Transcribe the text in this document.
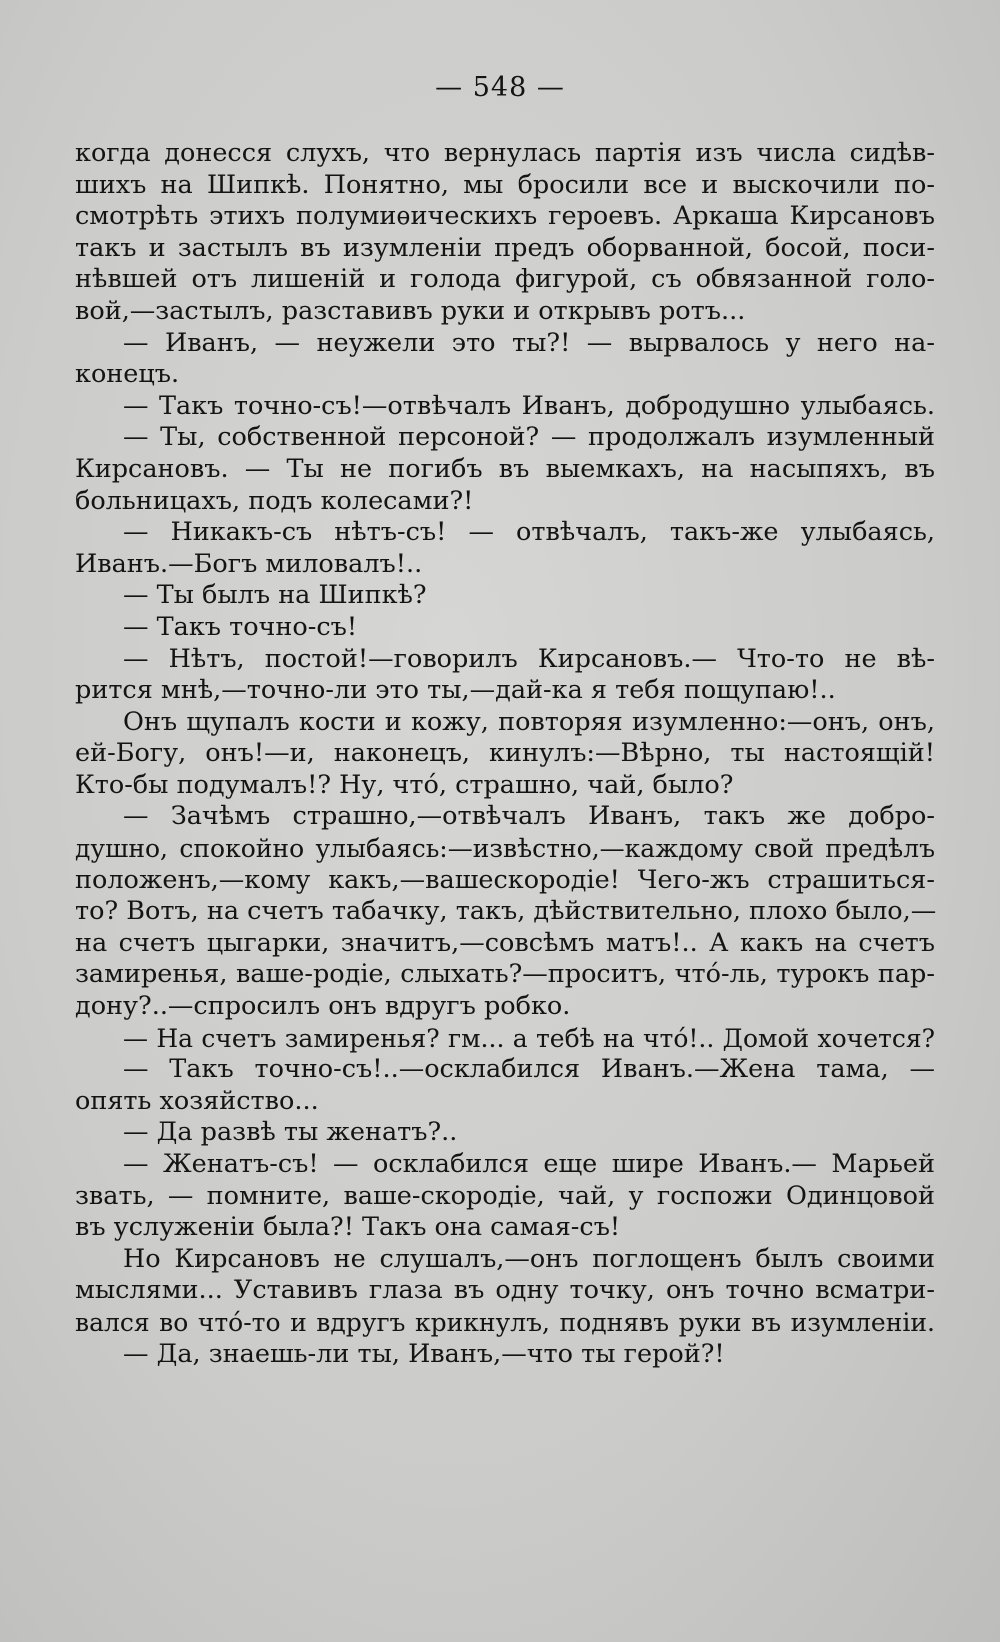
— 548 —
когда донесся слухъ, что вернулась партія изъ числа сидѣв-
шихъ на Шипкѣ. Понятно, мы бросили все и выскочили по-
смотрѣть этихъ полумиѳическихъ героевъ. Аркаша Кирсановъ
такъ и застылъ въ изумленіи предъ оборванной, босой, поси-
нѣвшей отъ лишеній и голода фигурой, съ обвязанной голо-
вой,—застылъ, разставивъ руки и открывъ ротъ...
— Иванъ, — неужели это ты?! — вырвалось у него на-
конецъ.
— Такъ точно-съ!—отвѣчалъ Иванъ, добродушно улыбаясь.
— Ты, собственной персоной? — продолжалъ изумленный
Кирсановъ. — Ты не погибъ въ выемкахъ, на насыпяхъ, въ
больницахъ, подъ колесами?!
— Никакъ-съ нѣтъ-съ! — отвѣчалъ, такъ-же улыбаясь,
Иванъ.—Богъ миловалъ!..
— Ты былъ на Шипкѣ?
— Такъ точно-съ!
— Нѣтъ, постой!—говорилъ Кирсановъ.— Что-то не вѣ-
рится мнѣ,—точно-ли это ты,—дай-ка я тебя пощупаю!..
Онъ щупалъ кости и кожу, повторяя изумленно:—онъ, онъ,
ей-Богу, онъ!—и, наконецъ, кинулъ:—Вѣрно, ты настоящій!
Кто-бы подумалъ!? Ну, что́, страшно, чай, было?
— Зачѣмъ страшно,—отвѣчалъ Иванъ, такъ же добро-
душно, спокойно улыбаясь:—извѣстно,—каждому свой предѣлъ
положенъ,—кому какъ,—вашескородіе! Чего-жъ страшиться-
то? Вотъ, на счетъ табачку, такъ, дѣйствительно, плохо было,—
на счетъ цыгарки, значитъ,—совсѣмъ матъ!.. А какъ на счетъ
замиренья, ваше-родіе, слыхать?—проситъ, что́-ль, турокъ пар-
дону?..—спросилъ онъ вдругъ робко.
— На счетъ замиренья? гм... а тебѣ на что́!.. Домой хочется?
— Такъ точно-съ!..—осклабился Иванъ.—Жена тама, —
опять хозяйство...
— Да развѣ ты женатъ?..
— Женатъ-съ! — осклабился еще шире Иванъ.— Марьей
звать, — помните, ваше-скородіе, чай, у госпожи Одинцовой
въ услуженіи была?! Такъ она самая-съ!
Но Кирсановъ не слушалъ,—онъ поглощенъ былъ своими
мыслями... Уставивъ глаза въ одну точку, онъ точно всматри-
вался во что́-то и вдругъ крикнулъ, поднявъ руки въ изумленіи.
— Да, знаешь-ли ты, Иванъ,—что ты герой?!
